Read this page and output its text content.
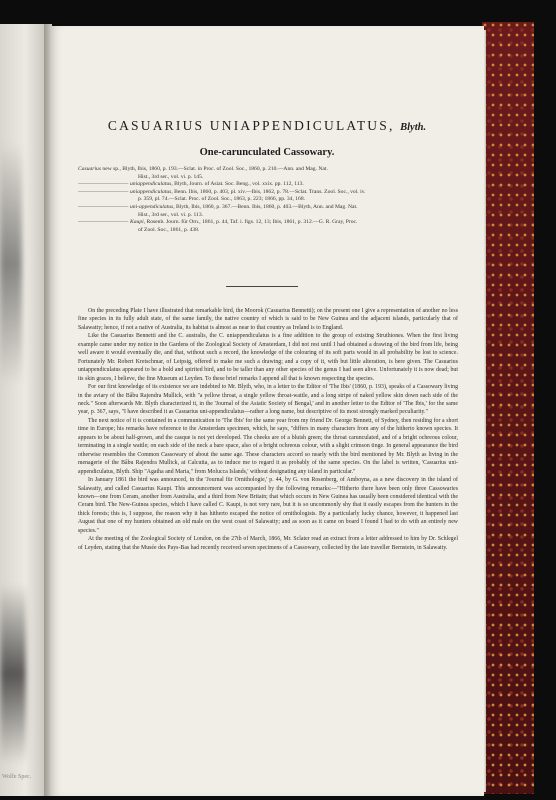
Wolfe Spec.
CASUARIUS UNIAPPENDICULATUS, Blyth.
One-carunculated Cassowary.
Casuarius new sp., Blyth, Ibis, 1860, p. 193.—Sclat. in Proc. of Zool. Soc., 1860, p. 210.—Ann. and Mag. Nat.
Hist., 3rd ser., vol. vi. p. 145.
――――――――― uniappendiculatus, Blyth, Journ. of Asiat. Soc. Beng., vol. xxix. pp. 112, 113.
――――――――― uniappendiculatus, Benn. Ibis, 1860, p. 403, pl. xiv.—Ibis, 1862, p. 78.—Sclat. Trans. Zool. Soc., vol. iv.
p. 359, pl. 74.—Sclat. Proc. of Zool. Soc., 1863, p. 223; 1866, pp. 34, 168.
――――――――― uni-appendiculatus, Blyth, Ibis, 1860, p. 367.—Benn. Ibis, 1860, p. 403.—Blyth, Ann. and Mag. Nat.
Hist., 3rd ser., vol. vi. p. 113.
――――――――― Kaupi, Rosenb. Journ. für Orn., 1861, p. 44, Taf. i. figs. 12, 13; Ibis, 1861, p. 312.—G. R. Gray, Proc.
of Zool. Soc., 1861, p. 438.

On the preceding Plate I have illustrated that remarkable bird, the Moorok (Casuarius Bennetti); on the present one I give a representation of another no less fine species in its fully adult state, of the same family, the native country of which is said to be New Guinea and the adjacent islands, particularly that of Salawatty; hence, if not a native of Australia, its habitat is almost as near to that country as Ireland is to England.

Like the Casuarius Bennetti and the C. australis, the C. uniappendiculatus is a fine addition to the group of existing Struthiones. When the first living example came under my notice in the Gardens of the Zoological Society of Amsterdam, I did not rest until I had obtained a drawing of the bird from life, being well aware it would eventually die, and that, without such a record, the knowledge of the colouring of its soft parts would in all probability be lost to science. Fortunately Mr. Robert Kretschmar, of Leipsig, offered to make me such a drawing; and a copy of it, with but little alteration, is here given. The Casuarius uniappendiculatus appeared to be a bold and spirited bird, and to be taller than any other species of the genus I had seen alive. Unfortunately it is now dead; but its skin graces, I believe, the fine Museum at Leyden. To these brief remarks I append all that is known respecting the species.

For our first knowledge of its existence we are indebted to Mr. Blyth, who, in a letter to the Editor of 'The Ibis' (1860, p. 193), speaks of a Cassowary living in the aviary of the Bâbu Rajendra Mullick, with "a yellow throat, a single yellow throat-wattle, and a long stripe of naked yellow skin down each side of the neck." Soon afterwards Mr. Blyth characterized it, in the 'Journal of the Asiatic Society of Bengal,' and in another letter to the Editor of 'The Ibis,' for the same year, p. 367, says, "I have described it as Casuarius uni-appendiculatus—rather a long name, but descriptive of its most strongly marked peculiarity."

The next notice of it is contained in a communication to 'The Ibis' for the same year from my friend Dr. George Bennett, of Sydney, then residing for a short time in Europe; his remarks have reference to the Amsterdam specimen, which, he says, "differs in many characters from any of the hitherto known species. It appears to be about half-grown, and the casque is not yet developed. The cheeks are of a bluish green; the throat carunculated, and of a bright ochreous colour, terminating in a single wattle; on each side of the neck a bare space, also of a bright ochreous colour, with a slight crimson tinge. In general appearance the bird otherwise resembles the Common Cassowary of about the same age. These characters accord so nearly with the bird mentioned by Mr. Blyth as living in the menagerie of the Bâbu Rajendra Mullick, at Calcutta, as to induce me to regard it as probably of the same species. On the label is written, 'Casuarius uni-appendiculatus, Blyth. Ship "Agatha and Maria," from Molucca Islands,' without designating any island in particular."

In January 1861 the bird was announced, in the 'Journal für Ornithologie,' p. 44, by G. von Rosenberg, of Amboyna, as a new discovery in the island of Salawatty, and called Casuarius Kaupi. This announcement was accompanied by the following remarks:—"Hitherto there have been only three Cassowaries known—one from Ceram, another from Australia, and a third from New Britain; that which occurs in New Guinea has usually been considered identical with the Ceram bird. The New-Guinea species, which I have called C. Kaupi, is not very rare, but it is so uncommonly shy that it easily escapes from the hunters in the thick forests; this is, I suppose, the reason why it has hitherto escaped the notice of ornithologists. By a particularly lucky chance, however, it happened last August that one of my hunters obtained an old male on the west coast of Salawatty; and as soon as it came on board I found I had to do with an entirely new species."

At the meeting of the Zoological Society of London, on the 27th of March, 1866, Mr. Sclater read an extract from a letter addressed to him by Dr. Schlegel of Leyden, stating that the Musée des Pays-Bas had recently received seven specimens of a Cassowary, collected by the late traveller Bernstein, in Salawatty.
